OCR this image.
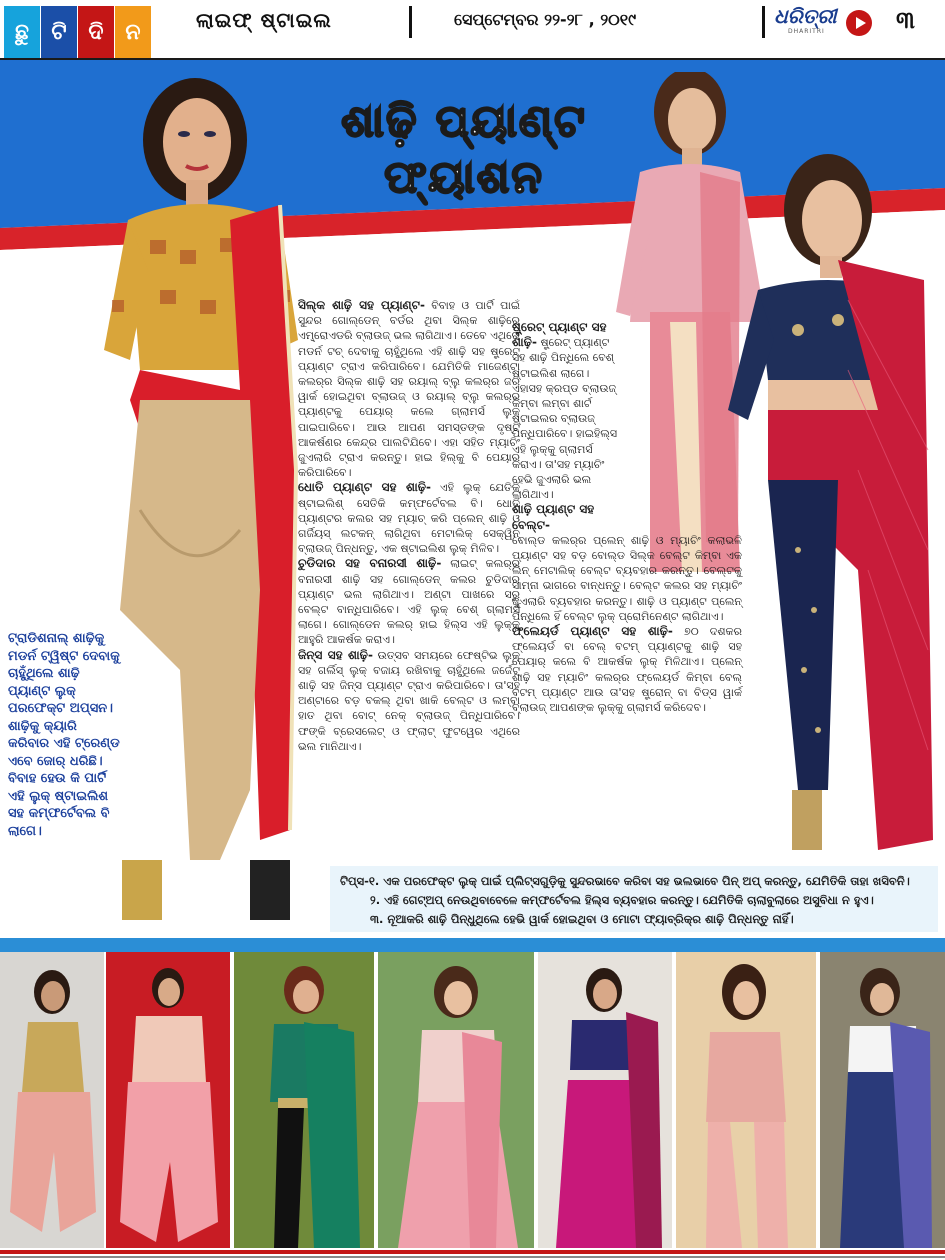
ଛୁ	ଟି ଦି ନ	ଲାଇଫ୍ ଷ୍ଟାଇଲ	ସେପ୍ଟେମ୍ବର ୨୨-୨୮ , ୨୦୧୯	ଧରିତ୍ରୀ
DHARITRI	୩
ଶାଢ଼ି ପ୍ୟାଣ୍ଟ
ଫ୍ୟାଶନ

ସିଲ୍କ ଶାଢ଼ି ସହ ପ୍ୟାଣ୍ଟ- ବିବାହ ଓ ପାର୍ଟି ପାଇଁ ସୁନ୍ଦର ଗୋଲ୍ଡେନ୍ ବର୍ଡର ଥିବା ସିଲ୍କ ଶାଢ଼ିରେ ଏମ୍ବ୍ରୋଏଡରି ବ୍ଲାଉଜ୍ ଭଲ ଲାଗିଥାଏ। ତେବେ ଏଥିରେ ମଡର୍ନ ଟଚ୍ ଦେବାକୁ ଚାହୁଁଥିଲେ ଏହି ଶାଢ଼ି ସହ ଷ୍ଟ୍ରେଟ୍ ପ୍ୟାଣ୍ଟ ଟ୍ରାଏ କରିପାରିବେ। ଯେମିତିକି ମାଜେଣ୍ଟା କଲର୍‌ର ସିଲ୍କ ଶାଢ଼ି ସହ ରୟାଲ୍ ବ୍ଲୁ କଲର୍‌ର ଜରି ୱାର୍କ ହୋଇଥିବା ବ୍ଲାଉଜ୍ ଓ ରୟାଲ୍ ବ୍ଲୁ କଲର୍‌ର ପ୍ୟାଣ୍ଟକୁ ପେୟାର୍ କଲେ ଗ୍ଲାମର୍ସ ଲୁକ୍ ପାଇପାରିବେ। ଆଉ ଆପଣ ସମସ୍ତଙ୍କ ଦୃଷ୍ଟି ଆକର୍ଷଣର କେନ୍ଦ୍ର ପାଲଟିଯିବେ। ଏହା ସହିତ ମ୍ୟାଚିଂ ଜୁଏଲାରି ଟ୍ରାଏ କରନ୍ତୁ। ହାଇ ହିଲ୍‌କୁ ବି ପେୟାର କରିପାରିବେ।

ଧୋତି ପ୍ୟାଣ୍ଟ ସହ ଶାଢ଼ି- ଏହି ଲୁକ୍ ଯେତିକି ଷ୍ଟାଇଲିଶ୍ ସେତିକି କମ୍ଫର୍ଟେବଲ ବି। ଧୋତି ପ୍ୟାଣ୍ଟର କଲର ସହ ମ୍ୟାଚ୍ କରି ପ୍ଲେନ୍ ଶାଢ଼ି ଓ ଗର୍ଜିୟସ୍ ଲଟକନ୍ ଲାଗିଥିବା ମେଟାଲିକ୍ ସେକ୍ୱିନ୍ ବ୍ଲାଉଜ୍ ପିନ୍ଧନ୍ତୁ, ଏକ ଷ୍ଟାଇଲିଶ ଲୁକ୍ ମିଳିବ।

ଚୁଡିଦାର ସହ ବନାରସୀ ଶାଢ଼ି- ଲାଇଟ୍ କଲର୍‌ର ବନାରସୀ ଶାଢ଼ି ସହ ଗୋଲ୍ଡେନ୍ କଲର ଚୁଡିଦାର ପ୍ୟାଣ୍ଟ ଭଲ ଲାଗିଥାଏ। ଅଣ୍ଟା ପାଖରେ ସରୁ ବେଲ୍ଟ ବାନ୍ଧିପାରିବେ। ଏହି ଲୁକ୍ ବେଶ୍ ଗ୍ଲାମର୍ସ ଲାଗେ। ଗୋଲ୍ଡେନ କଲର୍ ହାଇ ହିଲ୍ସ ଏହି ଲୁକ୍‌କୁ ଆହୁରି ଆକର୍ଷକ କରାଏ।

ଜିନ୍ସ ସହ ଶାଢ଼ି- ଉତ୍ସବ ସମୟରେ ଫେଷ୍ଟିଭ ଲୁକ୍ ସହ ଗର୍ଲିସ୍ ଲୁକ୍ ବଜାୟ ରଖିବାକୁ ଚାହୁଁଥିଲେ ଜର୍ଜେଟ୍ ଶାଢ଼ି ସହ ଜିନ୍ସ ପ୍ୟାଣ୍ଟ ଟ୍ରାଏ କରିପାରିବେ। ତା'ସହ ଅଣ୍ଟାରେ ବଡ଼ ବକଲ୍ ଥିବା ଖାକି ବେଲ୍ଟ ଓ ଲମ୍ବା ହାତ ଥିବା ବୋଟ୍ ନେକ୍ ବ୍ଲାଉଜ୍ ପିନ୍ଧିପାରିବେ। ଫଙ୍କି ବ୍ରେସଲେଟ୍ ଓ ଫ୍ଲାଟ୍ ଫୁଟୱେର ଏଥିରେ ଭଲ ମାନିଥାଏ।

ଷ୍ଟ୍ରେଟ୍ ପ୍ୟାଣ୍ଟ ସହ ଶାଢ଼ି- ଷ୍ଟ୍ରେଟ୍ ପ୍ୟାଣ୍ଟ ସହ ଶାଢ଼ି ପିନ୍ଧିଲେ ବେଶ୍ ଷ୍ଟାଇଲିଶ ଲାଗେ। ଏହାସହ କ୍ରପ୍‌ଡ ବ୍ଲାଉଜ୍ କିମ୍ବା ଲମ୍ବା ଶାର୍ଟ ଷ୍ଟାଇଲର ବ୍ଲାଉଜ୍ ପିନ୍ଧିପାରିବେ। ହାଇହିଲ୍ସ ଏହି ଲୁକ୍‌କୁ ଗ୍ଲାମର୍ସ କରାଏ। ତା'ସହ ମ୍ୟାଚିଂ ହେଭି ଜୁଏଲାରି ଭଲ ଲାଗିଥାଏ।

ଶାଢ଼ି ପ୍ୟାଣ୍ଟ ସହ ବେଲ୍ଟ-

ବୋଲ୍ଡ କଲର୍‌ର ପ୍ଲେନ୍ ଶାଢ଼ି ଓ ମ୍ୟାଚିଂ କଲାଭଳି ପ୍ୟାଣ୍ଟ ସହ ବଡ଼ ବୋଲ୍ଡ ସିଲ୍କ ବେଲ୍ଟ କିମ୍ବା ଏକ ଲିନ୍ ମେଟାଲିକ୍ ବେଲ୍ଟ ବ୍ୟବହାର କରନ୍ତୁ। ବେଲ୍ଟକୁ ସାମ୍ନା ଭାଗରେ ବାନ୍ଧନ୍ତୁ। ବେଲ୍ଟ କଲର ସହ ମ୍ୟାଚିଂ ଜୁଏଲାରି ବ୍ୟବହାର କରନ୍ତୁ। ଶାଢ଼ି ଓ ପ୍ୟାଣ୍ଟ ପ୍ଲେନ୍ ପିନ୍ଧିଲେ ହିଁ ବେଲ୍ଟ ଲୁକ୍ ପ୍ରୋମିନେଣ୍ଟ ଲାଗିଥାଏ।

ଫ୍ଲେୟର୍ଡ ପ୍ୟାଣ୍ଟ ସହ ଶାଢ଼ି- ୭୦ ଦଶକର ଫ୍ଲେୟର୍ଡ ବା ବେଲ୍ ବଟମ୍ ପ୍ୟାଣ୍ଟକୁ ଶାଢ଼ି ସହ ପେୟାର୍ କଲେ ବି ଆକର୍ଷକ ଲୁକ୍ ମିଳିଥାଏ। ପ୍ଲେନ୍ ଶାଢ଼ି ସହ ମ୍ୟାଚିଂ କଲର୍‌ର ଫ୍ଲେୟର୍ଡ କିମ୍ବା ବେଲ୍ ବଟମ୍ ପ୍ୟାଣ୍ଟ ଆଉ ତା'ସହ ଷ୍ଟ୍ରୋନ୍ ବା ବିଡ୍ସ ୱାର୍କ ବ୍ଲାଉଜ୍ ଆପଣଙ୍କ ଲୁକ୍‌କୁ ଗ୍ଲାମର୍ସ କରିଦେବ।

ଟ୍ରାଡିଶନାଲ୍ ଶାଢ଼ିକୁ ମଡର୍ନ ଟ୍ୱିଷ୍ଟ ଦେବାକୁ ଚାହୁଁଥିଲେ ଶାଢ଼ି ପ୍ୟାଣ୍ଟ ଲୁକ୍ ପରଫେକ୍ଟ ଅପ୍ସନ। ଶାଢ଼ିକୁ କ୍ୟାରି କରିବାର ଏହି ଟ୍ରେଣ୍ଡ ଏବେ ଜୋର୍ ଧରିଛି। ବିବାହ ହେଉ କି ପାର୍ଟି ଏହି ଲୁକ୍ ଷ୍ଟାଇଲିଶ ସହ କମ୍ଫର୍ଟେବଲ ବି ଲାଗେ।
ଟିପ୍ସ-୧. ଏକ ପରଫେକ୍ଟ ଲୁକ୍ ପାଇଁ ପ୍ଲିଟ୍ସଗୁଡ଼ିକୁ ସୁନ୍ଦରଭାବେ କରିବା ସହ ଭଲଭାବେ ପିନ୍ ଅପ୍ କରନ୍ତୁ, ଯେମିତିକି ତାହା ଖସିବନି।
୨. ଏହି ଗେଟ୍‌ଅପ୍ ନେଉଥିବାବେଳେ କମ୍ଫର୍ଟେବଲ ହିଲ୍ସ ବ୍ୟବହାର କରନ୍ତୁ। ଯେମିତିକି ଚାଲାବୁଲାରେ ଅସୁବିଧା ନ ହୁଏ।
୩. ନୂଆକରି ଶାଢ଼ି ପିନ୍ଧୁଥିଲେ ହେଭି ୱାର୍କ ହୋଇଥିବା ଓ ମୋଟା ଫ୍ୟାବ୍ରିକ୍‌ର ଶାଢ଼ି ପିନ୍ଧନ୍ତୁ ନାହିଁ।
